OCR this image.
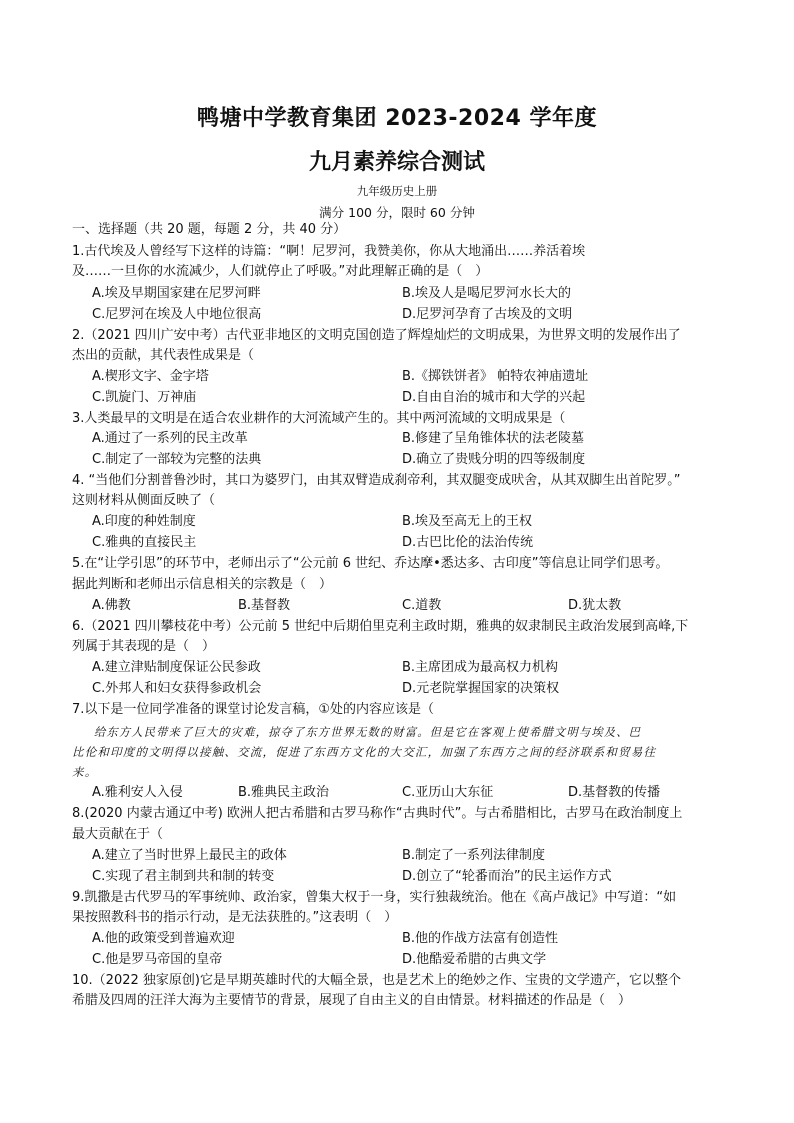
鸭塘中学教育集团 2023-2024 学年度
九月素养综合测试
九年级历史上册
满分 100 分，限时 60 分钟
一、选择题（共 20 题，每题 2 分，共 40 分）
1.古代埃及人曾经写下这样的诗篇：“啊！尼罗河，我赞美你，你从大地涌出……养活着埃
及……一旦你的水流减少，人们就停止了呼吸。”对此理解正确的是（　）
A.埃及早期国家建在尼罗河畔	B.埃及人是喝尼罗河水长大的
C.尼罗河在埃及人中地位很高	D.尼罗河孕育了古埃及的文明
2.（2021 四川广安中考）古代亚非地区的文明克国创造了辉煌灿烂的文明成果，为世界文明的发展作出了
杰出的贡献，其代表性成果是（
A.楔形文字、金字塔	B.《掷铁饼者》 帕特农神庙遗址
C.凯旋门、万神庙	D.自由自治的城市和大学的兴起
3.人类最早的文明是在适合农业耕作的大河流域产生的。其中两河流域的文明成果是（
A.通过了一系列的民主改革	B.修建了呈角锥体状的法老陵墓
C.制定了一部较为完整的法典	D.确立了贵贱分明的四等级制度
4. “当他们分割普鲁沙时，其口为婆罗门，由其双臂造成刹帝利，其双腿变成吠舍，从其双脚生出首陀罗。”
这则材料从侧面反映了（
A.印度的种姓制度	B.埃及至高无上的王权
C.雅典的直接民主	D.古巴比伦的法治传统
5.在“让学引思”的环节中，老师出示了“公元前 6 世纪、乔达摩•悉达多、古印度”等信息让同学们思考。
据此判断和老师出示信息相关的宗教是（　）
A.佛教	B.基督教	C.道教	D.犹太教
6.（2021 四川攀枝花中考）公元前 5 世纪中后期伯里克利主政时期，雅典的奴隶制民主政治发展到高峰,下
列属于其表现的是（　）
A.建立津贴制度保证公民参政	B.主席团成为最高权力机构
C.外邦人和妇女获得参政机会	D.元老院掌握国家的决策权
7.以下是一位同学准备的课堂讨论发言稿，①处的内容应该是（
给东方人民带来了巨大的灾难，掠夺了东方世界无数的财富。但是它在客观上使希腊文明与埃及、巴
比伦和印度的文明得以接触、交流，促进了东西方文化的大交汇，加强了东西方之间的经济联系和贸易往
来。
A.雅利安人入侵	B.雅典民主政治	C.亚历山大东征	D.基督教的传播
8.(2020 内蒙古通辽中考) 欧洲人把古希腊和古罗马称作“古典时代”。与古希腊相比，古罗马在政治制度上
最大贡献在于（
A.建立了当时世界上最民主的政体	B.制定了一系列法律制度
C.实现了君主制到共和制的转变	D.创立了“轮番而治”的民主运作方式
9.凯撒是古代罗马的军事统帅、政治家，曾集大权于一身，实行独裁统治。他在《高卢战记》中写道：“如
果按照教科书的指示行动，是无法获胜的。”这表明（　）
A.他的政策受到普遍欢迎	B.他的作战方法富有创造性
C.他是罗马帝国的皇帝	D.他酷爱希腊的古典文学
10.（2022 独家原创)它是早期英雄时代的大幅全景，也是艺术上的绝妙之作、宝贵的文学遗产，它以整个
希腊及四周的汪洋大海为主要情节的背景，展现了自由主义的自由情景。材料描述的作品是（　）
